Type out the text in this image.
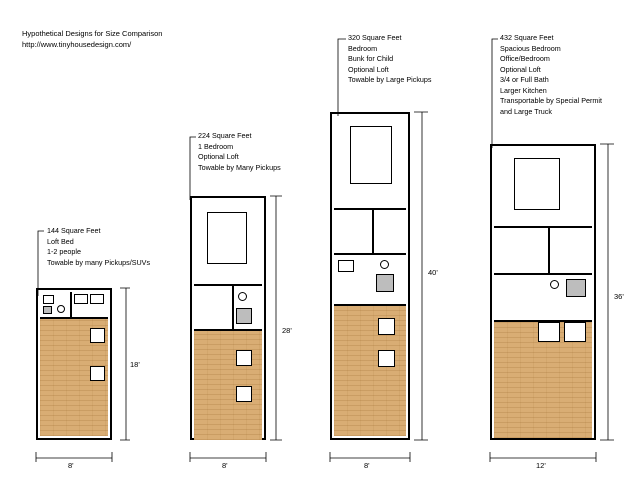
Hypothetical Designs for Size Comparison
http://www.tinyhousedesign.com/
144 Square Feet
Loft Bed
1-2 people
Towable by many Pickups/SUVs
224 Square Feet
1 Bedroom
Optional Loft
Towable by Many Pickups
320 Square Feet
Bedroom
Bunk for Child
Optional Loft
Towable by Large Pickups
432 Square Feet
Spacious Bedroom
Office/Bedroom
Optional Loft
3/4 or Full Bath
Larger Kitchen
Transportable by Special Permit
and Large Truck
8'
18'
8'
28'
8'
40'
12'
36'
